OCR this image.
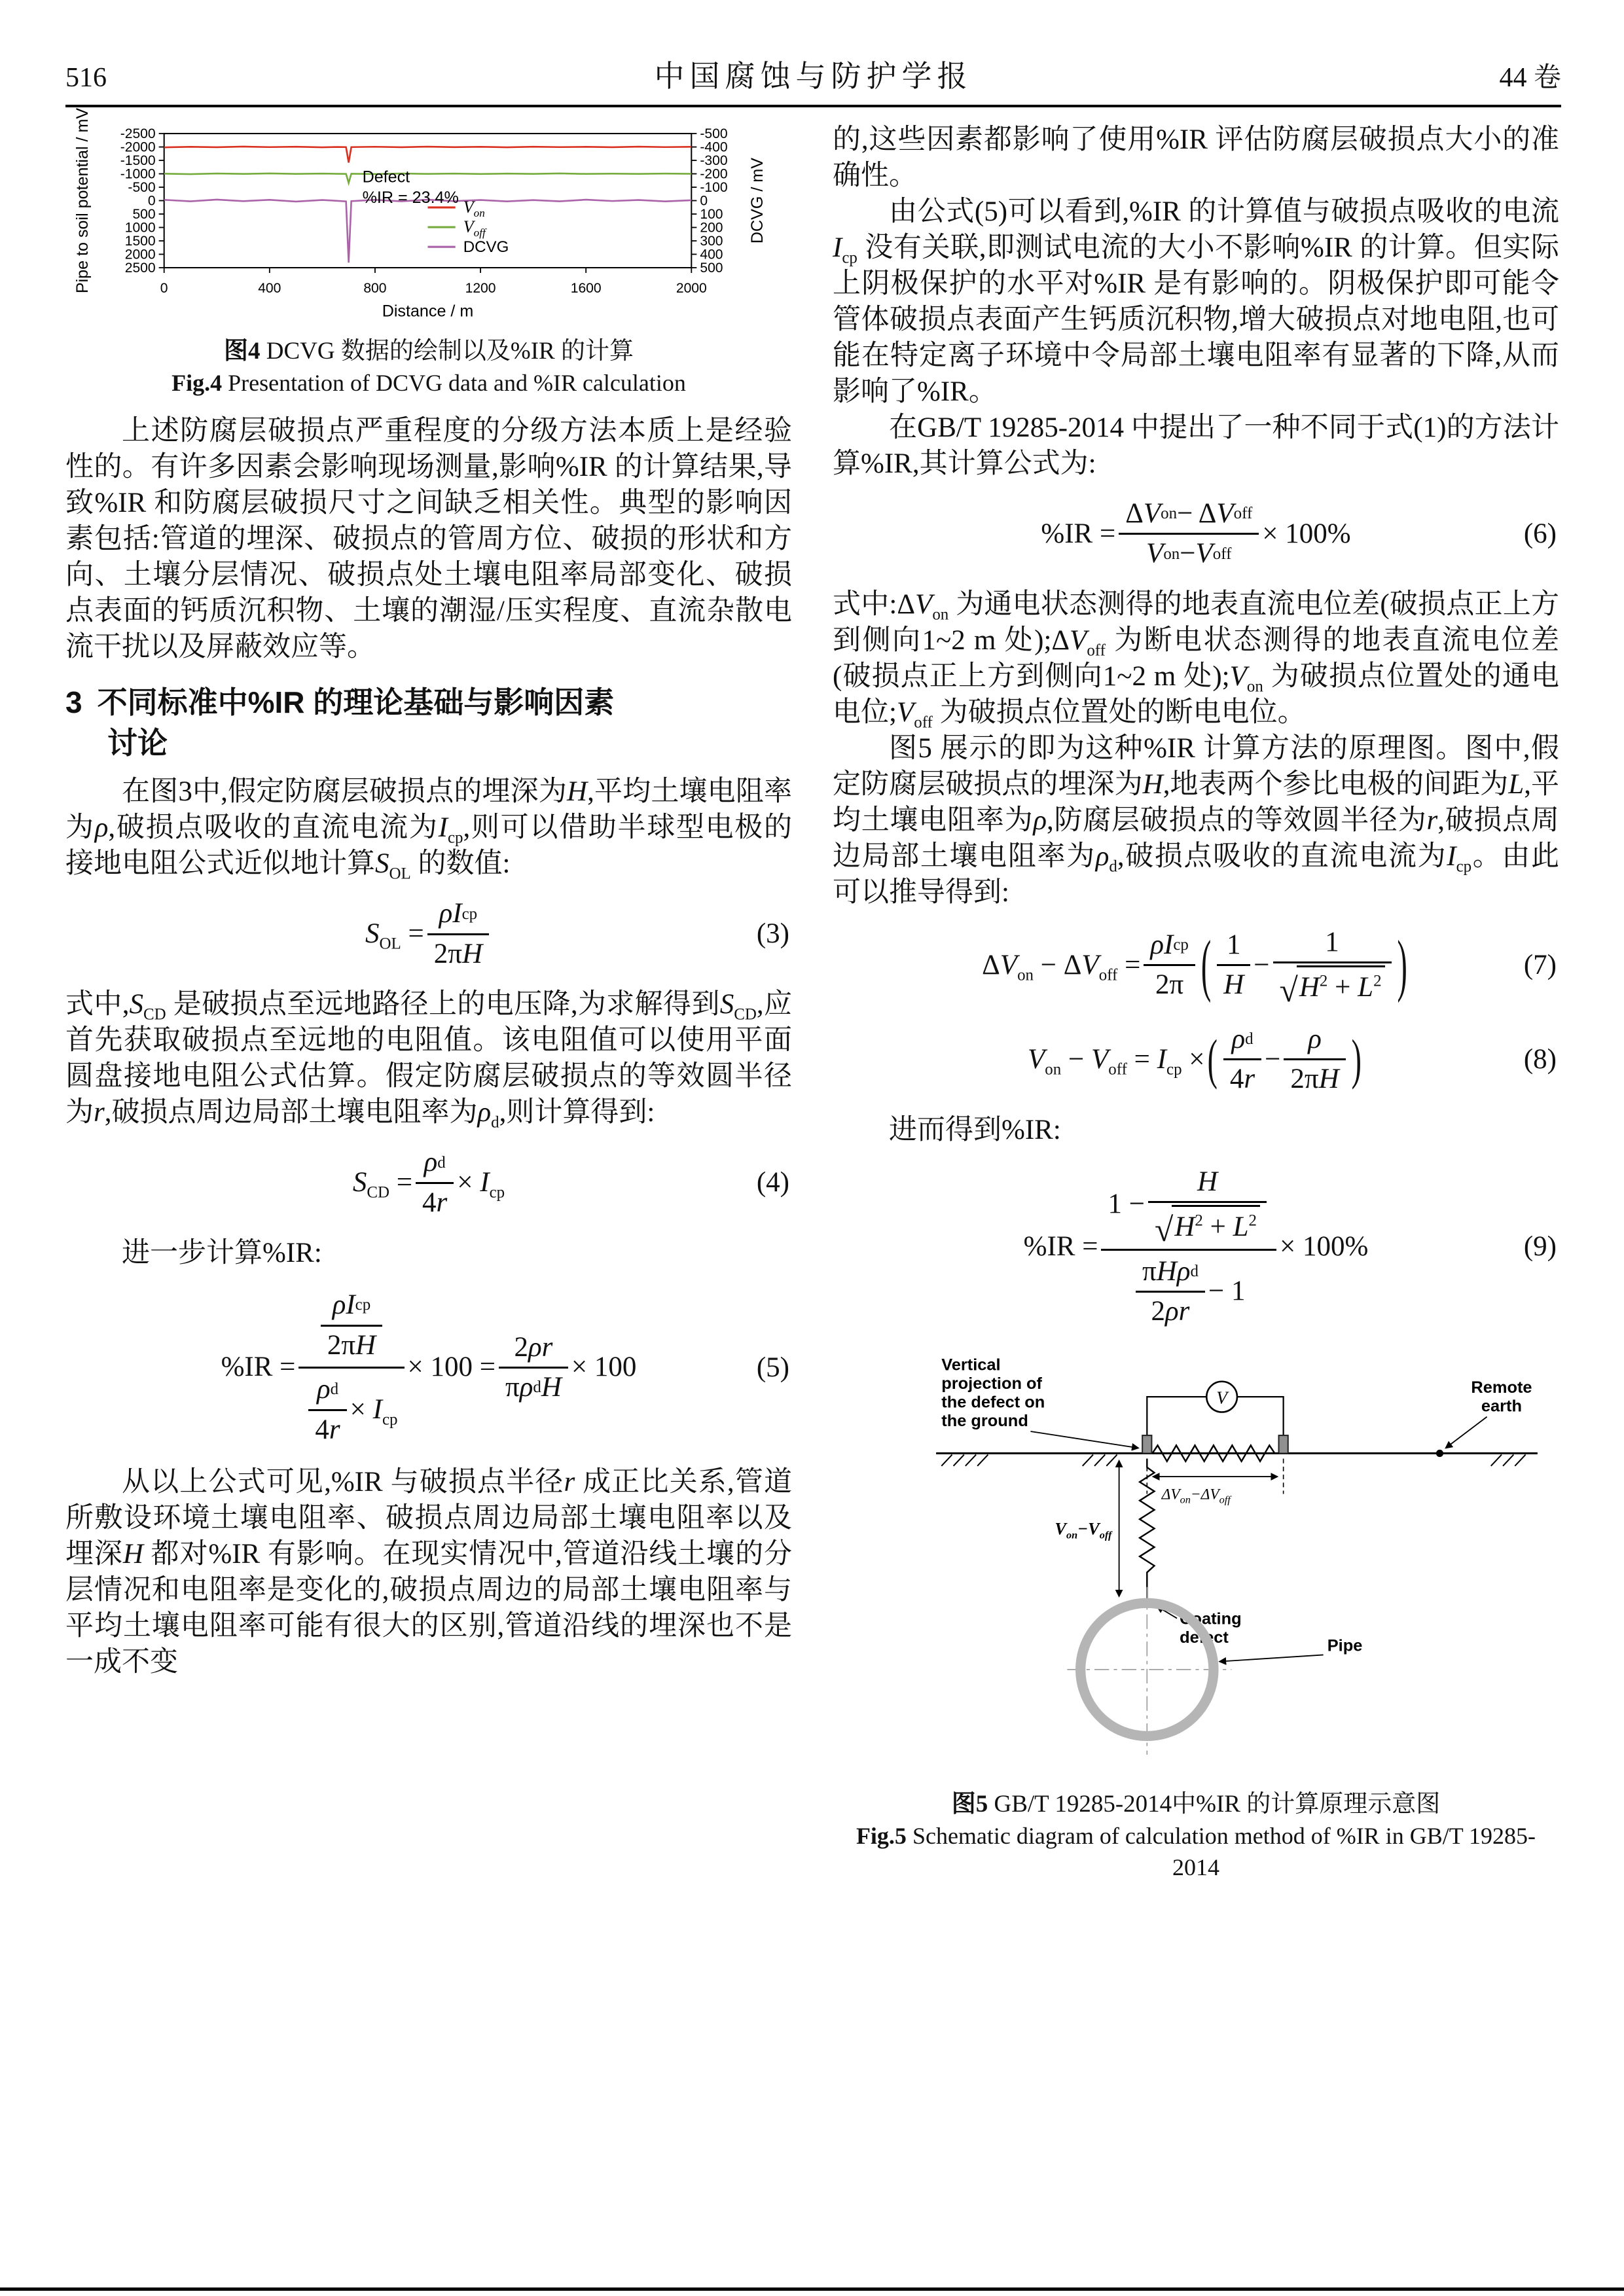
516	中国腐蚀与防护学报	44 卷
-2500
-2000
-1500
-1000
-500
0
500
1000
1500
2000
2500
-500
-400
-300
-200
-100
0
100
200
300
400
500
0	400	800	1200	1600	2000
Pipe to soil potential / mV	DCVG / mV
Distance / m
Defect
%IR = 23.4%
$V_{on}$
$V_{off}$
DCVG
图4 DCVG 数据的绘制以及%IR 的计算
Fig.4 Presentation of DCVG data and %IR calculation

上述防腐层破损点严重程度的分级方法本质上是经验性的。有许多因素会影响现场测量,影响%IR 的计算结果,导致%IR 和防腐层破损尺寸之间缺乏相关性。典型的影响因素包括:管道的埋深、破损点的管周方位、破损的形状和方向、土壤分层情况、破损点处土壤电阻率局部变化、破损点表面的钙质沉积物、土壤的潮湿/压实程度、直流杂散电流干扰以及屏蔽效应等。

3 不同标准中%IR 的理论基础与影响因素
讨论

在图3中,假定防腐层破损点的埋深为H,平均土壤电阻率为ρ,破损点吸收的直流电流为$I_{cp}$,则可以借助半球型电极的接地电阻公式近似地计算$S_{OL}$ 的数值:

$S_{OL} = \frac{\text{ρI cp}}{\text{2π H}}$	(3)

式中$,S_{CD}$ 是破损点至远地路径上的电压降,为求解得到$S_{CD}$,应首先获取破损点至远地的电阻值。该电阻值可以使用平面圆盘接地电阻公式估算。假定防腐层破损点的等效圆半径为r,破损点周边局部土壤电阻率为$\rho_d$,则计算得到:

$S_{CD} = \frac{\text{ρ d}}{4 r} \times I_{cp}$	(4)

进一步计算%IR:

$\%IR = \frac{\frac{\text{ρI cp}}{\text{2π H}}}{\frac{\text{ρ d}}{4 r} \times I_{cp}} \times 100 = \frac{2 \rho r}{\text{π ρ d H}} \times 100$	(5)

从以上公式可见,%IR 与破损点半径r 成正比关系,管道所敷设环境土壤电阻率、破损点周边局部土壤电阻率以及埋深H 都对%IR 有影响。在现实情况中,管道沿线土壤的分层情况和电阻率是变化的,破损点周边的局部土壤电阻率与平均土壤电阻率可能有很大的区别,管道沿线的埋深也不是一成不变

的,这些因素都影响了使用%IR 评估防腐层破损点大小的准确性。

由公式(5)可以看到,%IR 的计算值与破损点吸收的电流$I_{cp}$ 没有关联,即测试电流的大小不影响%IR 的计算。但实际上阴极保护的水平对%IR 是有影响的。阴极保护即可能令管体破损点表面产生钙质沉积物,增大破损点对地电阻,也可能在特定离子环境中令局部土壤电阻率有显著的下降,从而影响了%IR。

在GB/T 19285-2014 中提出了一种不同于式(1)的方法计算%IR,其计算公式为:

$\%IR = \frac{\text{Δ V on − Δ V off}}{\text{V on − V off}} \times 100\%$	(6)

式中$:\Delta V_{on}$ 为通电状态测得的地表直流电位差(破损点正上方到侧向1~2 m 处)$;\Delta V_{off}$ 为断电状态测得的地表直流电位差(破损点正上方到侧向1~2 m 处)$;V_{on}$ 为破损点位置处的通电电位$;V_{off}$ 为破损点位置处的断电电位。

图5 展示的即为这种%IR 计算方法的原理图。图中,假定防腐层破损点的埋深为H,地表两个参比电极的间距为L,平均土壤电阻率为ρ,防腐层破损点的等效圆半径为r,破损点周边局部土壤电阻率为$\rho_d$,破损点吸收的直流电流为$I_{cp}$。由此可以推导得到:

$\Delta V_{on} - \Delta V_{off} = \frac{\text{ρI cp}}{2\pi}$ ( $\frac{1}{H} - \frac{1}{√ H^2 + L^2}$ )	(7)
$V_{on} - V_{off} = I_{cp}$ × ( $\frac{\text{ρ d}}{4 r} - \frac{\rho}{\text{2π H}}$ )	(8)

进而得到%IR:

$\%IR = \frac{1 - \frac{H}{√ H^2 + L^2}}{\frac{\text{π H ρ d}}{2 \rho r} - 1} \times 100\%$	(9)
V
$\Delta V_{on}-\Delta V_{off}$
$V_{on}-V_{off}$
Coating
defect
Vertical
projection of
the defect on
the ground
Remote
earth
Pipe
图5 GB/T 19285-2014中%IR 的计算原理示意图
Fig.5 Schematic diagram of calculation method of %IR in GB/T 19285-2014
